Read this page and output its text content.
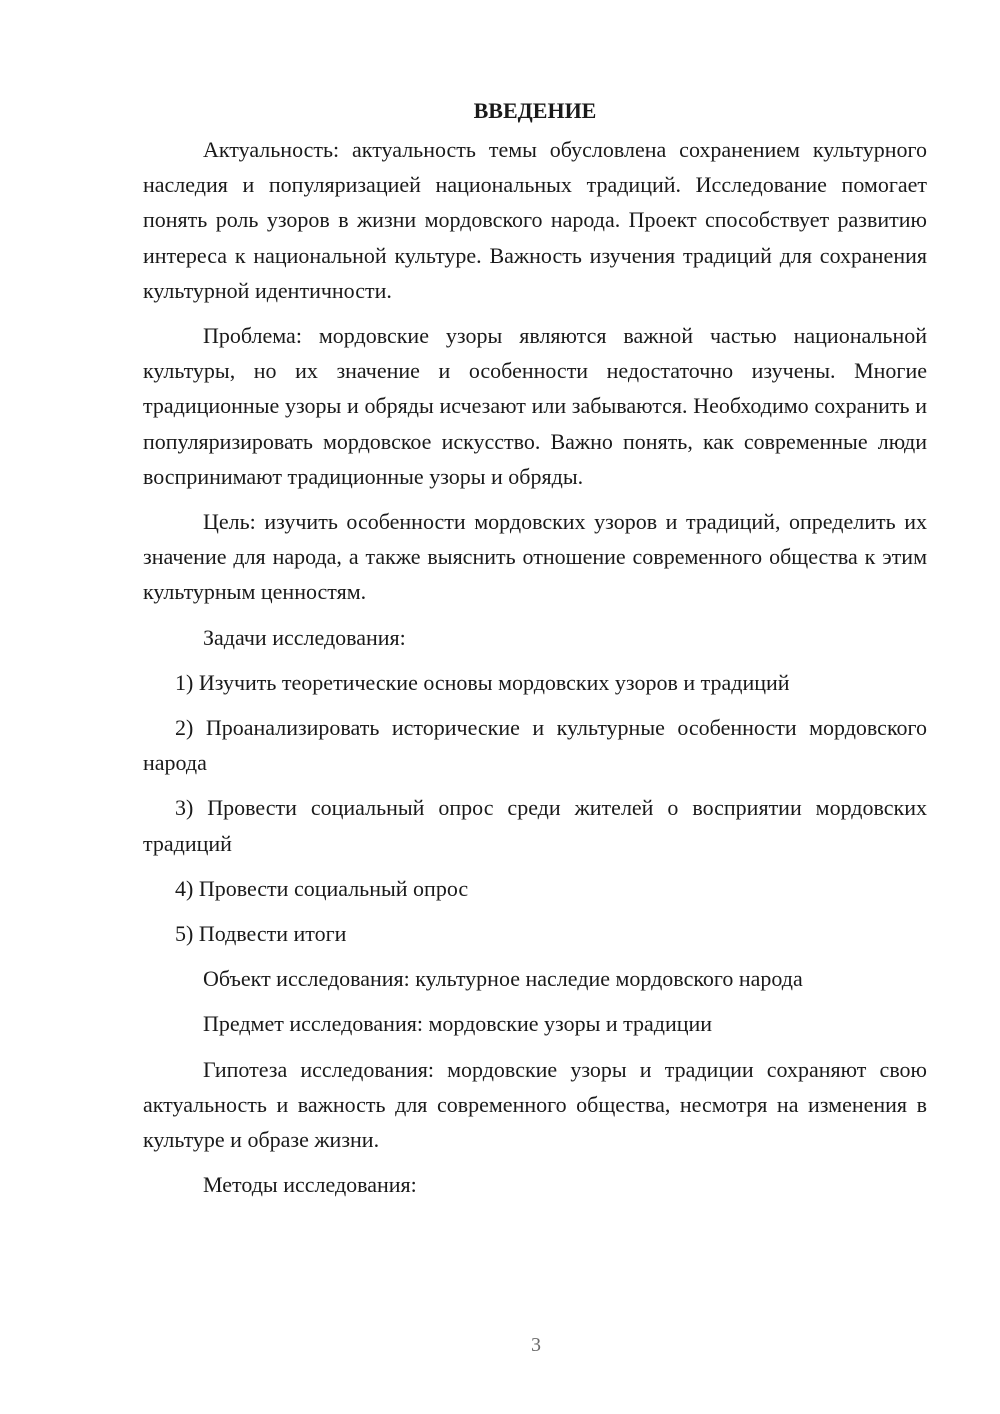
ВВЕДЕНИЕ

Актуальность: актуальность темы обусловлена сохранением культурного наследия и популяризацией национальных традиций. Исследование помогает понять роль узоров в жизни мордовского народа. Проект способствует развитию интереса к национальной культуре. Важность изучения традиций для сохранения культурной идентичности.

Проблема: мордовские узоры являются важной частью национальной культуры, но их значение и особенности недостаточно изучены. Многие традиционные узоры и обряды исчезают или забываются. Необходимо сохранить и популяризировать мордовское искусство. Важно понять, как современные люди воспринимают традиционные узоры и обряды.

Цель: изучить особенности мордовских узоров и традиций, определить их значение для народа, а также выяснить отношение современного общества к этим культурным ценностям.

Задачи исследования:

1) Изучить теоретические основы мордовских узоров и традиций

2) Проанализировать исторические и культурные особенности мордовского народа

3) Провести социальный опрос среди жителей о восприятии мордовских традиций

4) Провести социальный опрос

5) Подвести итоги

Объект исследования: культурное наследие мордовского народа

Предмет исследования: мордовские узоры и традиции

Гипотеза исследования: мордовские узоры и традиции сохраняют свою актуальность и важность для современного общества, несмотря на изменения в культуре и образе жизни.

Методы исследования:

3
